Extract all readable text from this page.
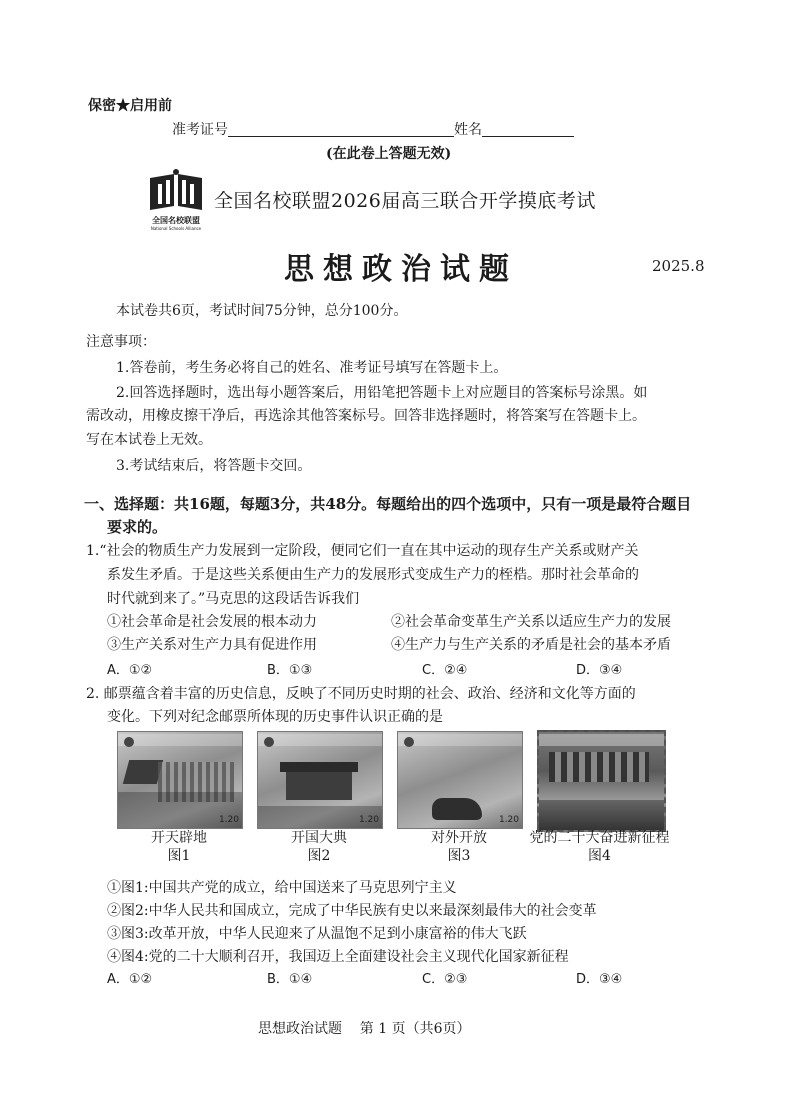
保密★启用前
准考证号	姓名
(在此卷上答题无效)
全国名校联盟
National Schools Alliance
全国名校联盟2026届高三联合开学摸底考试
思想政治试题	2025.8
本试卷共6页，考试时间75分钟，总分100分。
注意事项：
1.答卷前，考生务必将自己的姓名、准考证号填写在答题卡上。
2.回答选择题时，选出每小题答案后，用铅笔把答题卡上对应题目的答案标号涂黑。如
需改动，用橡皮擦干净后，再选涂其他答案标号。回答非选择题时，将答案写在答题卡上。
写在本试卷上无效。
3.考试结束后，将答题卡交回。
一、选择题：共16题，每题3分，共48分。每题给出的四个选项中，只有一项是最符合题目
要求的。
1.“社会的物质生产力发展到一定阶段，便同它们一直在其中运动的现存生产关系或财产关
系发生矛盾。于是这些关系便由生产力的发展形式变成生产力的桎梏。那时社会革命的
时代就到来了。”马克思的这段话告诉我们
①社会革命是社会发展的根本动力	②社会革命变革生产关系以适应生产力的发展
③生产关系对生产力具有促进作用	④生产力与生产关系的矛盾是社会的基本矛盾
A．①②	B．①③	C．②④	D．③④
2. 邮票蕴含着丰富的历史信息，反映了不同历史时期的社会、政治、经济和文化等方面的
变化。下列对纪念邮票所体现的历史事件认识正确的是
1.20	1.20	1.20
开天辟地
图1
开国大典
图2
对外开放
图3
党的二十大奋进新征程
图4
①图1:中国共产党的成立，给中国送来了马克思列宁主义
②图2:中华人民共和国成立，完成了中华民族有史以来最深刻最伟大的社会变革
③图3:改革开放，中华人民迎来了从温饱不足到小康富裕的伟大飞跃
④图4:党的二十大顺利召开，我国迈上全面建设社会主义现代化国家新征程
A．①②	B．①④	C．②③	D．③④
思想政治试题    第 1 页（共6页）
